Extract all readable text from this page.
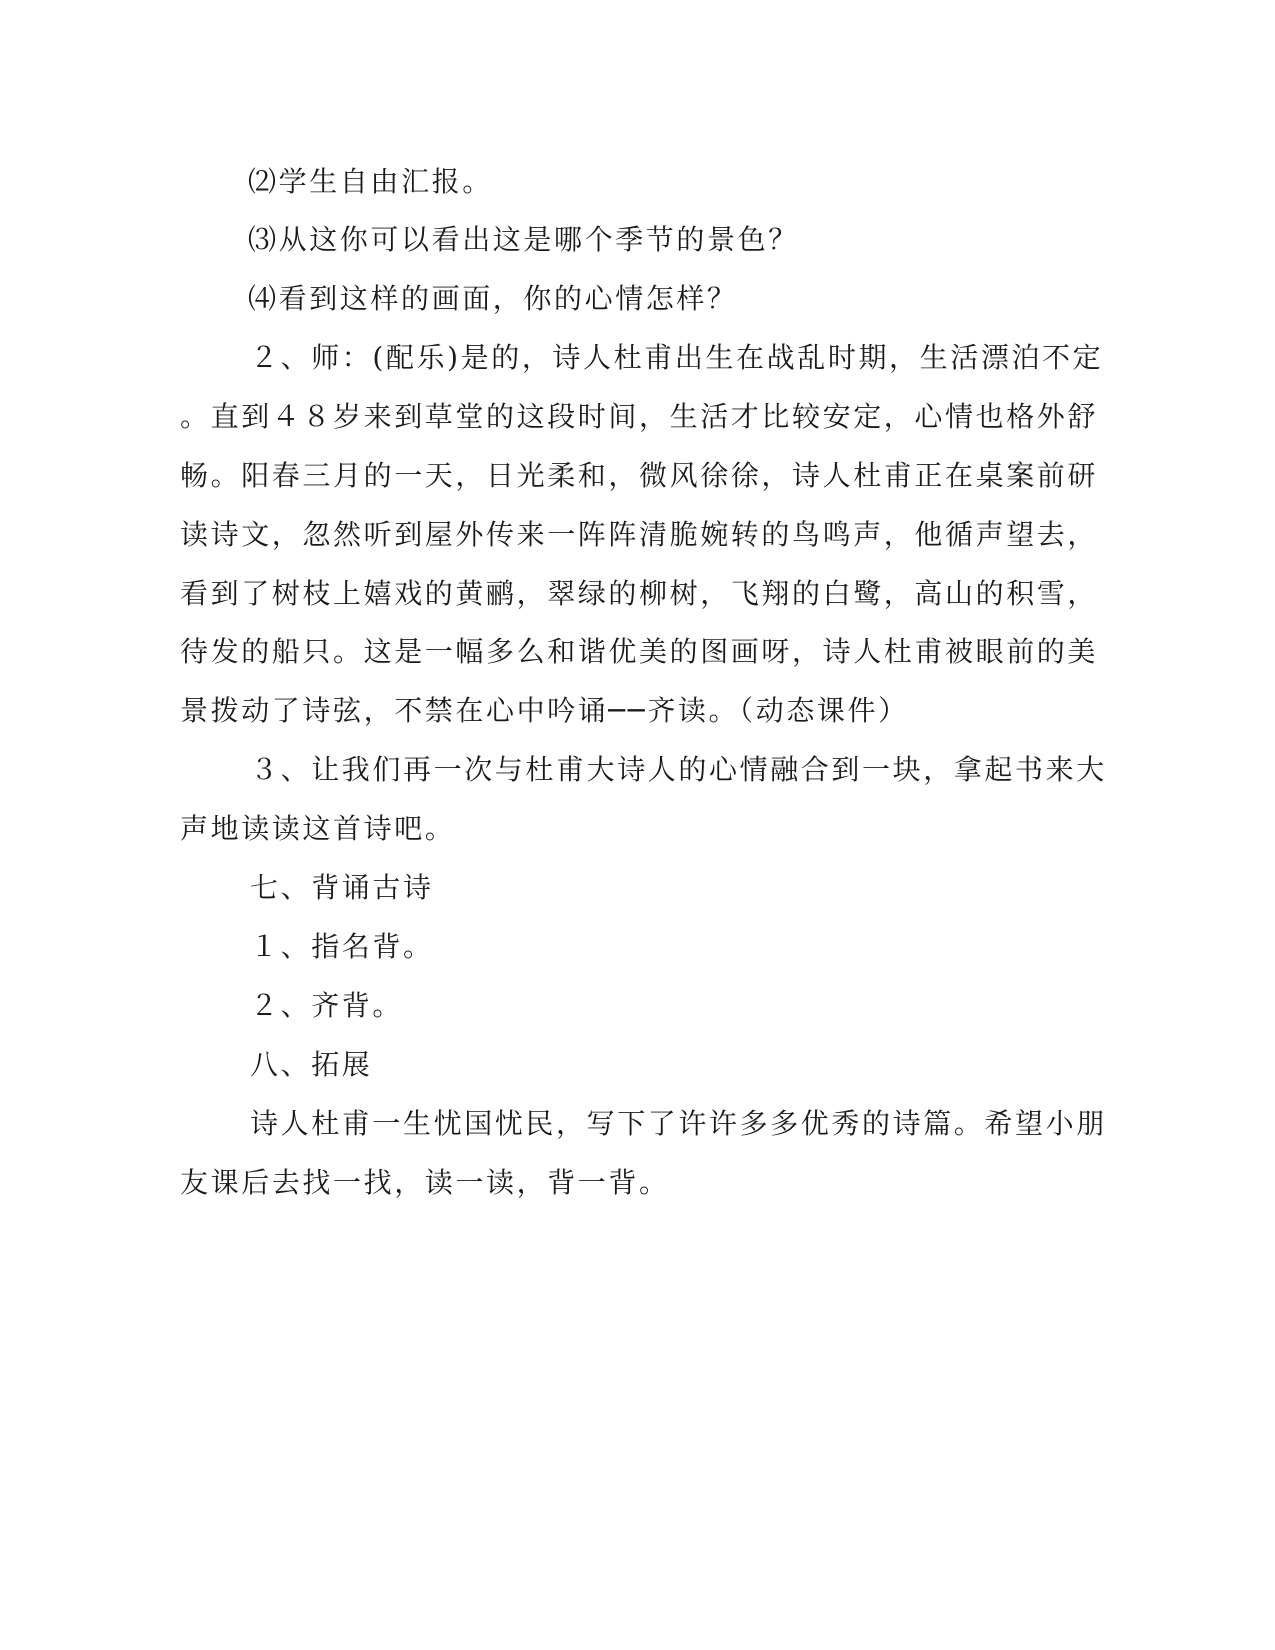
⑵学生自由汇报。
⑶从这你可以看出这是哪个季节的景色？
⑷看到这样的画面，你的心情怎样？
２、师：(配乐)是的，诗人杜甫出生在战乱时期，生活漂泊不定
。直到４８岁来到草堂的这段时间，生活才比较安定，心情也格外舒
畅。阳春三月的一天，日光柔和，微风徐徐，诗人杜甫正在桌案前研
读诗文，忽然听到屋外传来一阵阵清脆婉转的鸟鸣声，他循声望去，
看到了树枝上嬉戏的黄鹂，翠绿的柳树，飞翔的白鹭，高山的积雪，
待发的船只。这是一幅多么和谐优美的图画呀，诗人杜甫被眼前的美
景拨动了诗弦，不禁在心中吟诵──齐读。（动态课件）
３、让我们再一次与杜甫大诗人的心情融合到一块，拿起书来大
声地读读这首诗吧。
七、背诵古诗
１、指名背。
２、齐背。
八、拓展
诗人杜甫一生忧国忧民，写下了许许多多优秀的诗篇。希望小朋
友课后去找一找，读一读，背一背。
